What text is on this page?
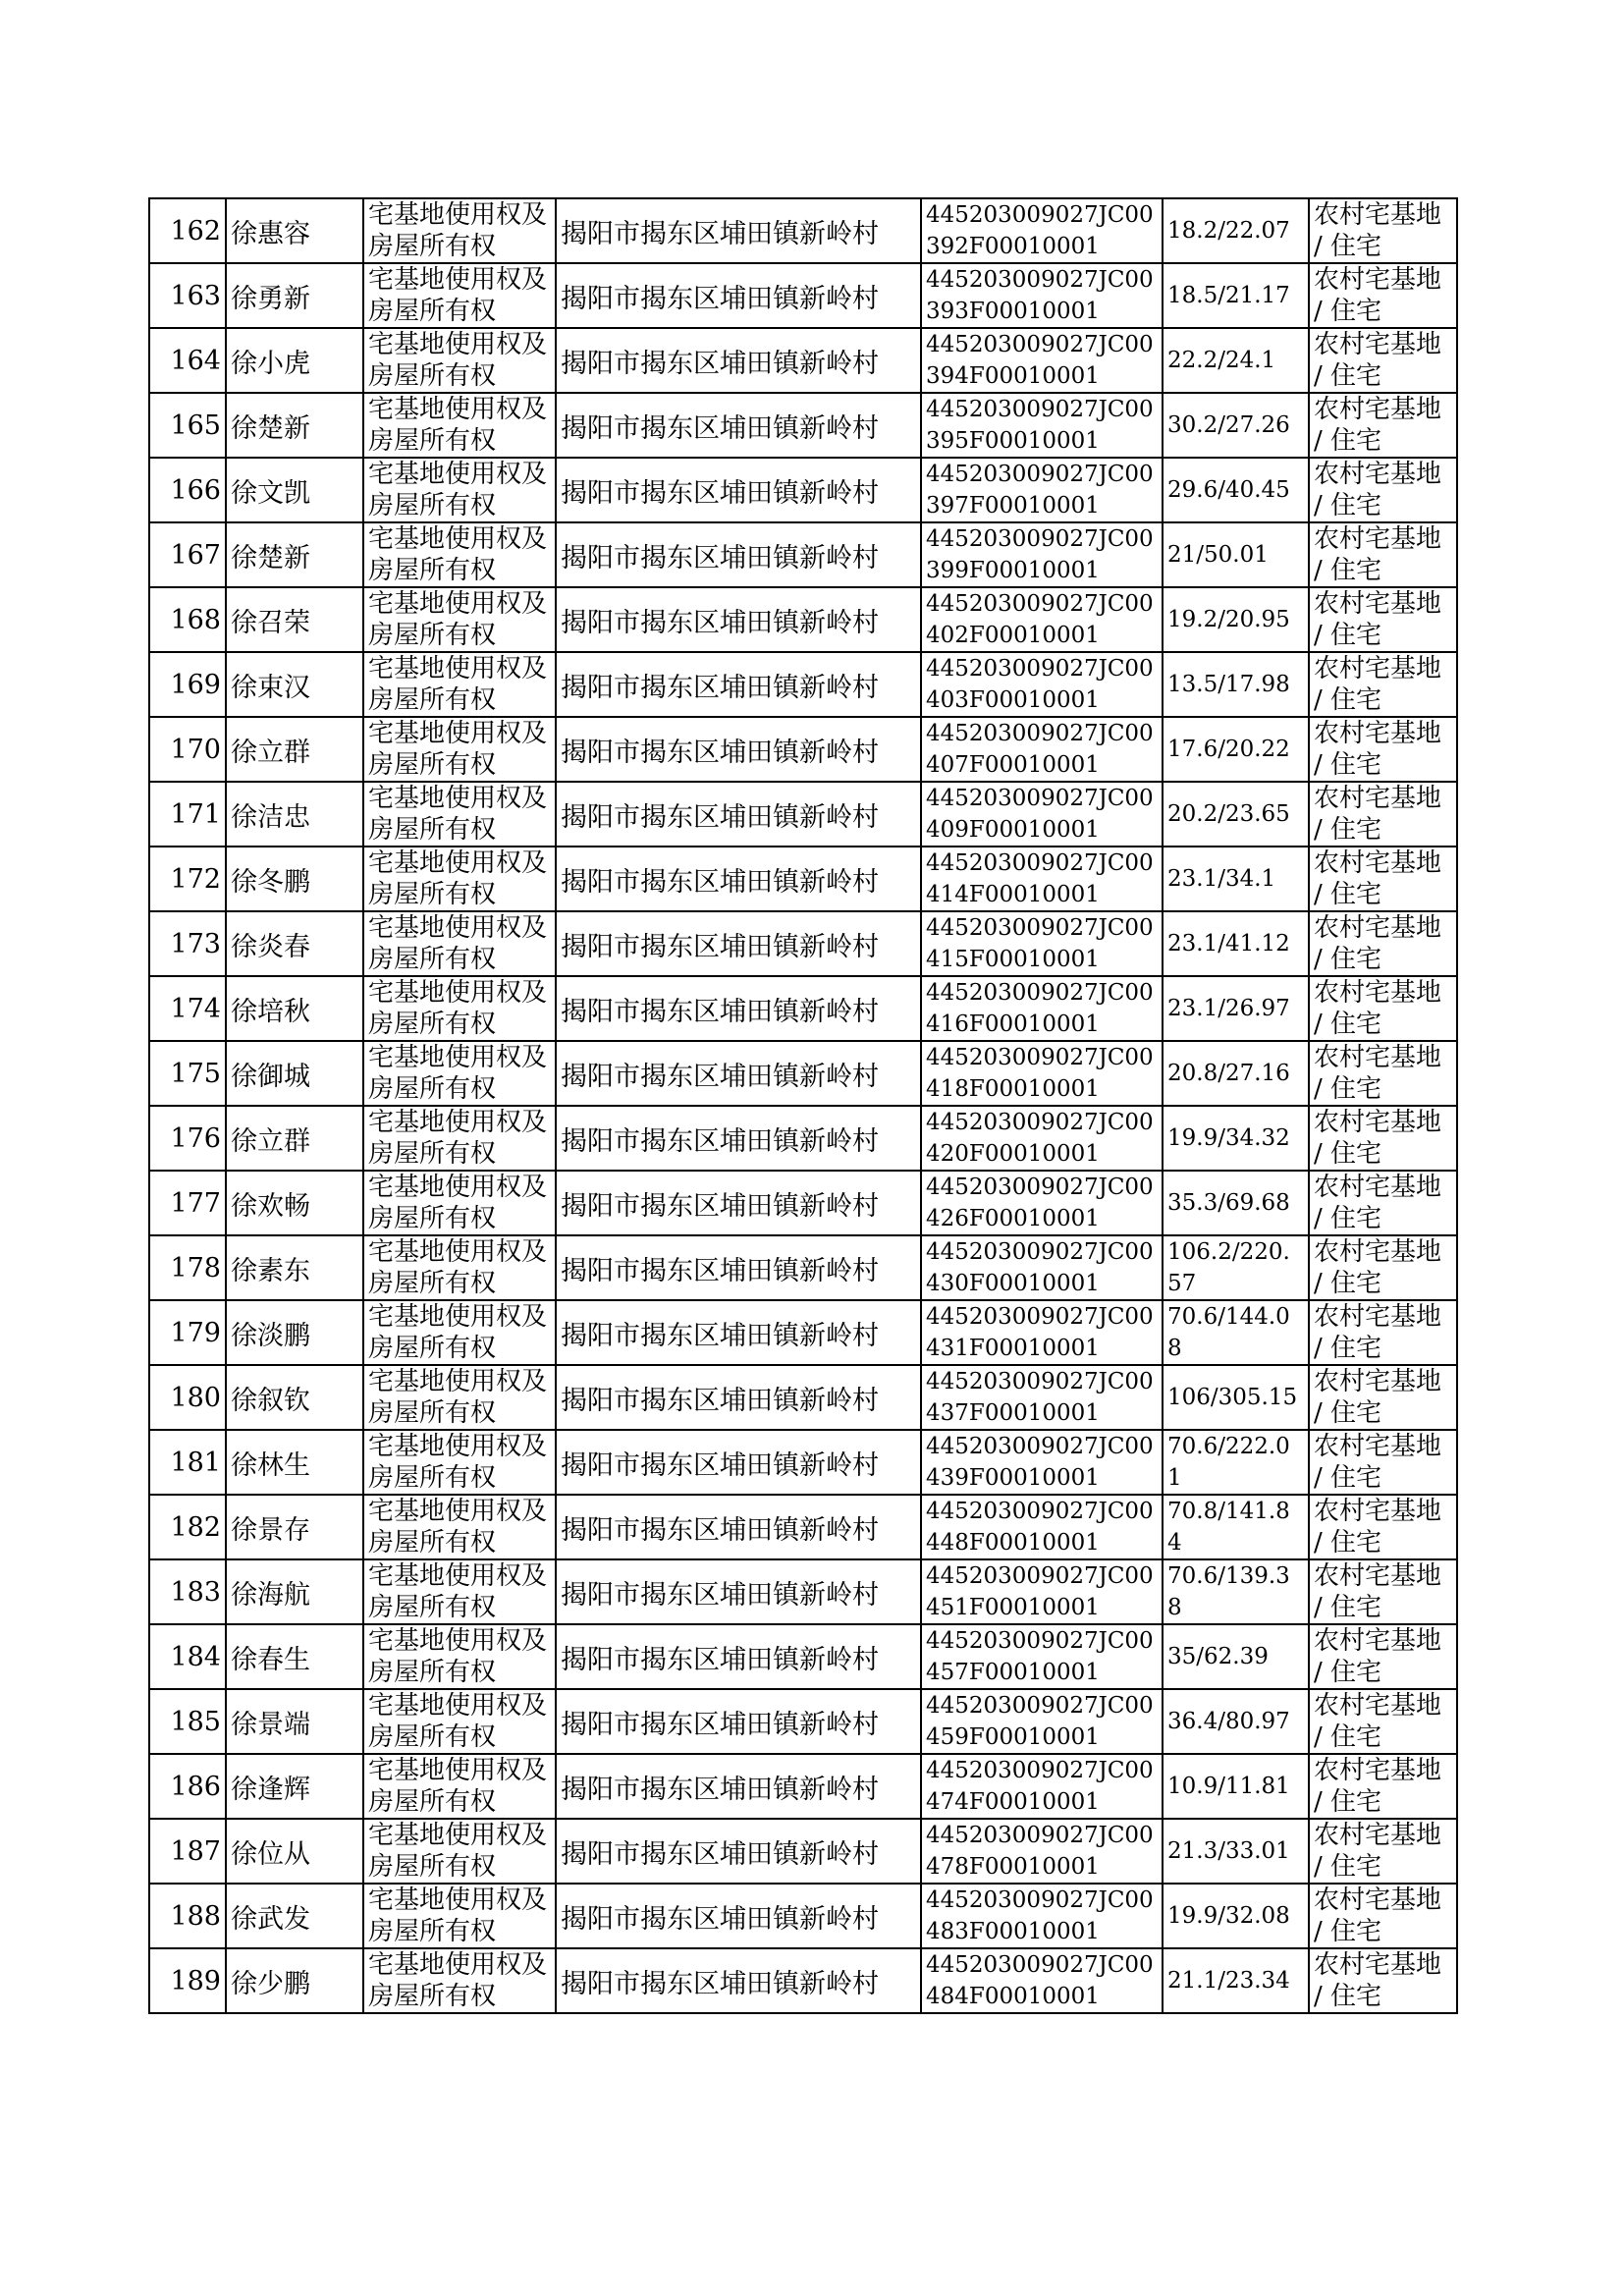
162	徐惠容	宅基地使用权及房屋所有权	揭阳市揭东区埔田镇新岭村	445203009027JC00392F00010001	18.2/22.07	农村宅基地 / 住宅

163	徐勇新	宅基地使用权及房屋所有权	揭阳市揭东区埔田镇新岭村	445203009027JC00393F00010001	18.5/21.17	农村宅基地 / 住宅

164	徐小虎	宅基地使用权及房屋所有权	揭阳市揭东区埔田镇新岭村	445203009027JC00394F00010001	22.2/24.1	农村宅基地 / 住宅

165	徐楚新	宅基地使用权及房屋所有权	揭阳市揭东区埔田镇新岭村	445203009027JC00395F00010001	30.2/27.26	农村宅基地 / 住宅

166	徐文凯	宅基地使用权及房屋所有权	揭阳市揭东区埔田镇新岭村	445203009027JC00397F00010001	29.6/40.45	农村宅基地 / 住宅

167	徐楚新	宅基地使用权及房屋所有权	揭阳市揭东区埔田镇新岭村	445203009027JC00399F00010001	21/50.01	农村宅基地 / 住宅

168	徐召荣	宅基地使用权及房屋所有权	揭阳市揭东区埔田镇新岭村	445203009027JC00402F00010001	19.2/20.95	农村宅基地 / 住宅

169	徐束汉	宅基地使用权及房屋所有权	揭阳市揭东区埔田镇新岭村	445203009027JC00403F00010001	13.5/17.98	农村宅基地 / 住宅

170	徐立群	宅基地使用权及房屋所有权	揭阳市揭东区埔田镇新岭村	445203009027JC00407F00010001	17.6/20.22	农村宅基地 / 住宅

171	徐洁忠	宅基地使用权及房屋所有权	揭阳市揭东区埔田镇新岭村	445203009027JC00409F00010001	20.2/23.65	农村宅基地 / 住宅

172	徐冬鹏	宅基地使用权及房屋所有权	揭阳市揭东区埔田镇新岭村	445203009027JC00414F00010001	23.1/34.1	农村宅基地 / 住宅

173	徐炎春	宅基地使用权及房屋所有权	揭阳市揭东区埔田镇新岭村	445203009027JC00415F00010001	23.1/41.12	农村宅基地 / 住宅

174	徐培秋	宅基地使用权及房屋所有权	揭阳市揭东区埔田镇新岭村	445203009027JC00416F00010001	23.1/26.97	农村宅基地 / 住宅

175	徐御城	宅基地使用权及房屋所有权	揭阳市揭东区埔田镇新岭村	445203009027JC00418F00010001	20.8/27.16	农村宅基地 / 住宅

176	徐立群	宅基地使用权及房屋所有权	揭阳市揭东区埔田镇新岭村	445203009027JC00420F00010001	19.9/34.32	农村宅基地 / 住宅

177	徐欢畅	宅基地使用权及房屋所有权	揭阳市揭东区埔田镇新岭村	445203009027JC00426F00010001	35.3/69.68	农村宅基地 / 住宅

178	徐素东	宅基地使用权及房屋所有权	揭阳市揭东区埔田镇新岭村	445203009027JC00430F00010001	106.2/220.57	农村宅基地 / 住宅

179	徐淡鹏	宅基地使用权及房屋所有权	揭阳市揭东区埔田镇新岭村	445203009027JC00431F00010001	70.6/144.08	农村宅基地 / 住宅

180	徐叙钦	宅基地使用权及房屋所有权	揭阳市揭东区埔田镇新岭村	445203009027JC00437F00010001	106/305.15	农村宅基地 / 住宅

181	徐林生	宅基地使用权及房屋所有权	揭阳市揭东区埔田镇新岭村	445203009027JC00439F00010001	70.6/222.01	农村宅基地 / 住宅

182	徐景存	宅基地使用权及房屋所有权	揭阳市揭东区埔田镇新岭村	445203009027JC00448F00010001	70.8/141.84	农村宅基地 / 住宅

183	徐海航	宅基地使用权及房屋所有权	揭阳市揭东区埔田镇新岭村	445203009027JC00451F00010001	70.6/139.38	农村宅基地 / 住宅

184	徐春生	宅基地使用权及房屋所有权	揭阳市揭东区埔田镇新岭村	445203009027JC00457F00010001	35/62.39	农村宅基地 / 住宅

185	徐景端	宅基地使用权及房屋所有权	揭阳市揭东区埔田镇新岭村	445203009027JC00459F00010001	36.4/80.97	农村宅基地 / 住宅

186	徐逢辉	宅基地使用权及房屋所有权	揭阳市揭东区埔田镇新岭村	445203009027JC00474F00010001	10.9/11.81	农村宅基地 / 住宅

187	徐位从	宅基地使用权及房屋所有权	揭阳市揭东区埔田镇新岭村	445203009027JC00478F00010001	21.3/33.01	农村宅基地 / 住宅

188	徐武发	宅基地使用权及房屋所有权	揭阳市揭东区埔田镇新岭村	445203009027JC00483F00010001	19.9/32.08	农村宅基地 / 住宅

189	徐少鹏	宅基地使用权及房屋所有权	揭阳市揭东区埔田镇新岭村	445203009027JC00484F00010001	21.1/23.34	农村宅基地 / 住宅
